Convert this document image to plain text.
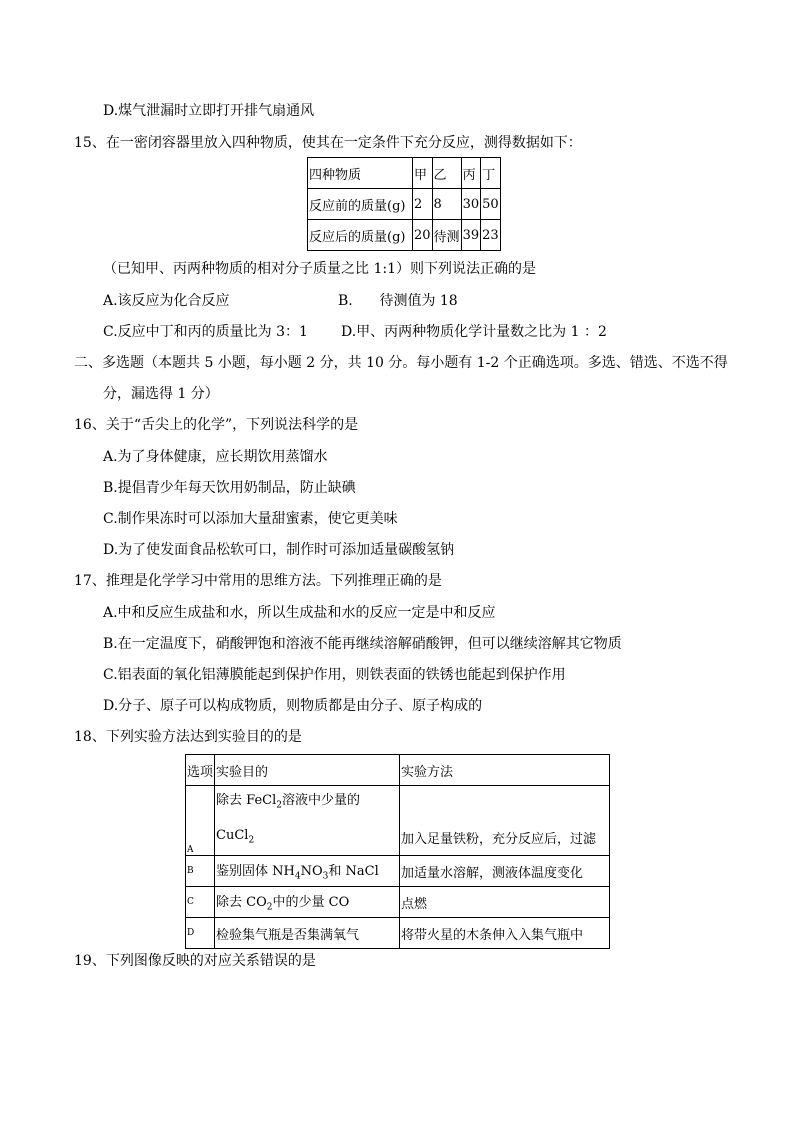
D.煤气泄漏时立即打开排气扇通风
15、在一密闭容器里放入四种物质，使其在一定条件下充分反应，测得数据如下：
四种物质	甲	乙	丙	丁
反应前的质量(g)	2	8	30	50
反应后的质量(g)	20	待测	39	23
（已知甲、丙两种物质的相对分子质量之比 1:1）则下列说法正确的是
A.该反应为化合反应	B.      待测值为 18
C.反应中丁和丙的质量比为 3：1 D.甲、丙两种物质化学计量数之比为 1 ：2
二、多选题（本题共 5 小题，每小题 2 分，共 10 分。每小题有 1-2 个正确选项。多选、错选、不选不得
分，漏选得 1 分）
16、关于“舌尖上的化学”，下列说法科学的是
A.为了身体健康，应长期饮用蒸馏水
B.提倡青少年每天饮用奶制品，防止缺碘
C.制作果冻时可以添加大量甜蜜素，使它更美味
D.为了使发面食品松软可口，制作时可添加适量碳酸氢钠
17、推理是化学学习中常用的思维方法。下列推理正确的是
A.中和反应生成盐和水，所以生成盐和水的反应一定是中和反应
B.在一定温度下，硝酸钾饱和溶液不能再继续溶解硝酸钾，但可以继续溶解其它物质
C.铝表面的氧化铝薄膜能起到保护作用，则铁表面的铁锈也能起到保护作用
D.分子、原子可以构成物质，则物质都是由分子、原子构成的
18、下列实验方法达到实验目的的是
选项	实验目的	实验方法
A	除去 FeCl$_2$溶液中少量的
CuCl$_2$	加入足量铁粉，充分反应后，过滤
B	鉴别固体 $NH_4NO_3$和 NaCl	加适量水溶解，测液体温度变化
C	除去 $CO_2$中的少量 CO	点燃
D	检验集气瓶是否集满氧气	将带火星的木条伸入入集气瓶中
19、下列图像反映的对应关系错误的是
